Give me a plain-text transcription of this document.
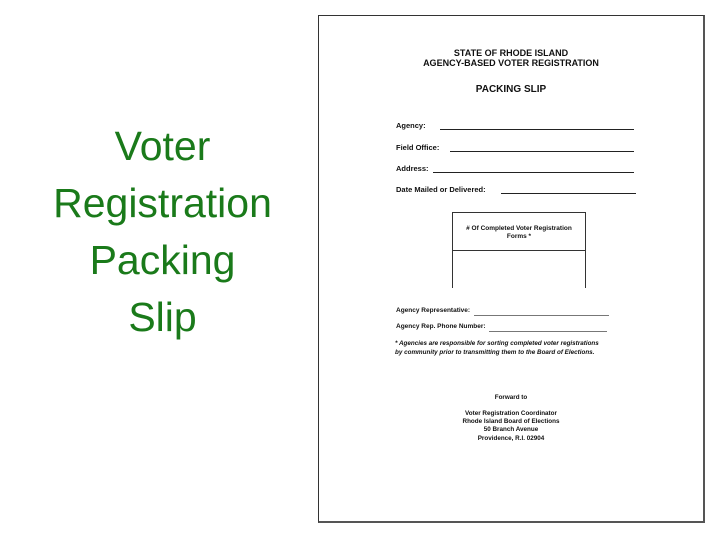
Voter
Registration
Packing
Slip
STATE OF RHODE ISLAND
AGENCY-BASED VOTER REGISTRATION
PACKING SLIP
Agency:
Field Office:
Address:
Date Mailed or Delivered:
# Of Completed Voter Registration Forms *
Agency Representative:
Agency Rep. Phone Number:
* Agencies are responsible for sorting completed voter registrations by community prior to transmitting them to the Board of Elections.
Forward to
Voter Registration Coordinator
Rhode Island Board of Elections
50 Branch Avenue
Providence, R.I. 02904
